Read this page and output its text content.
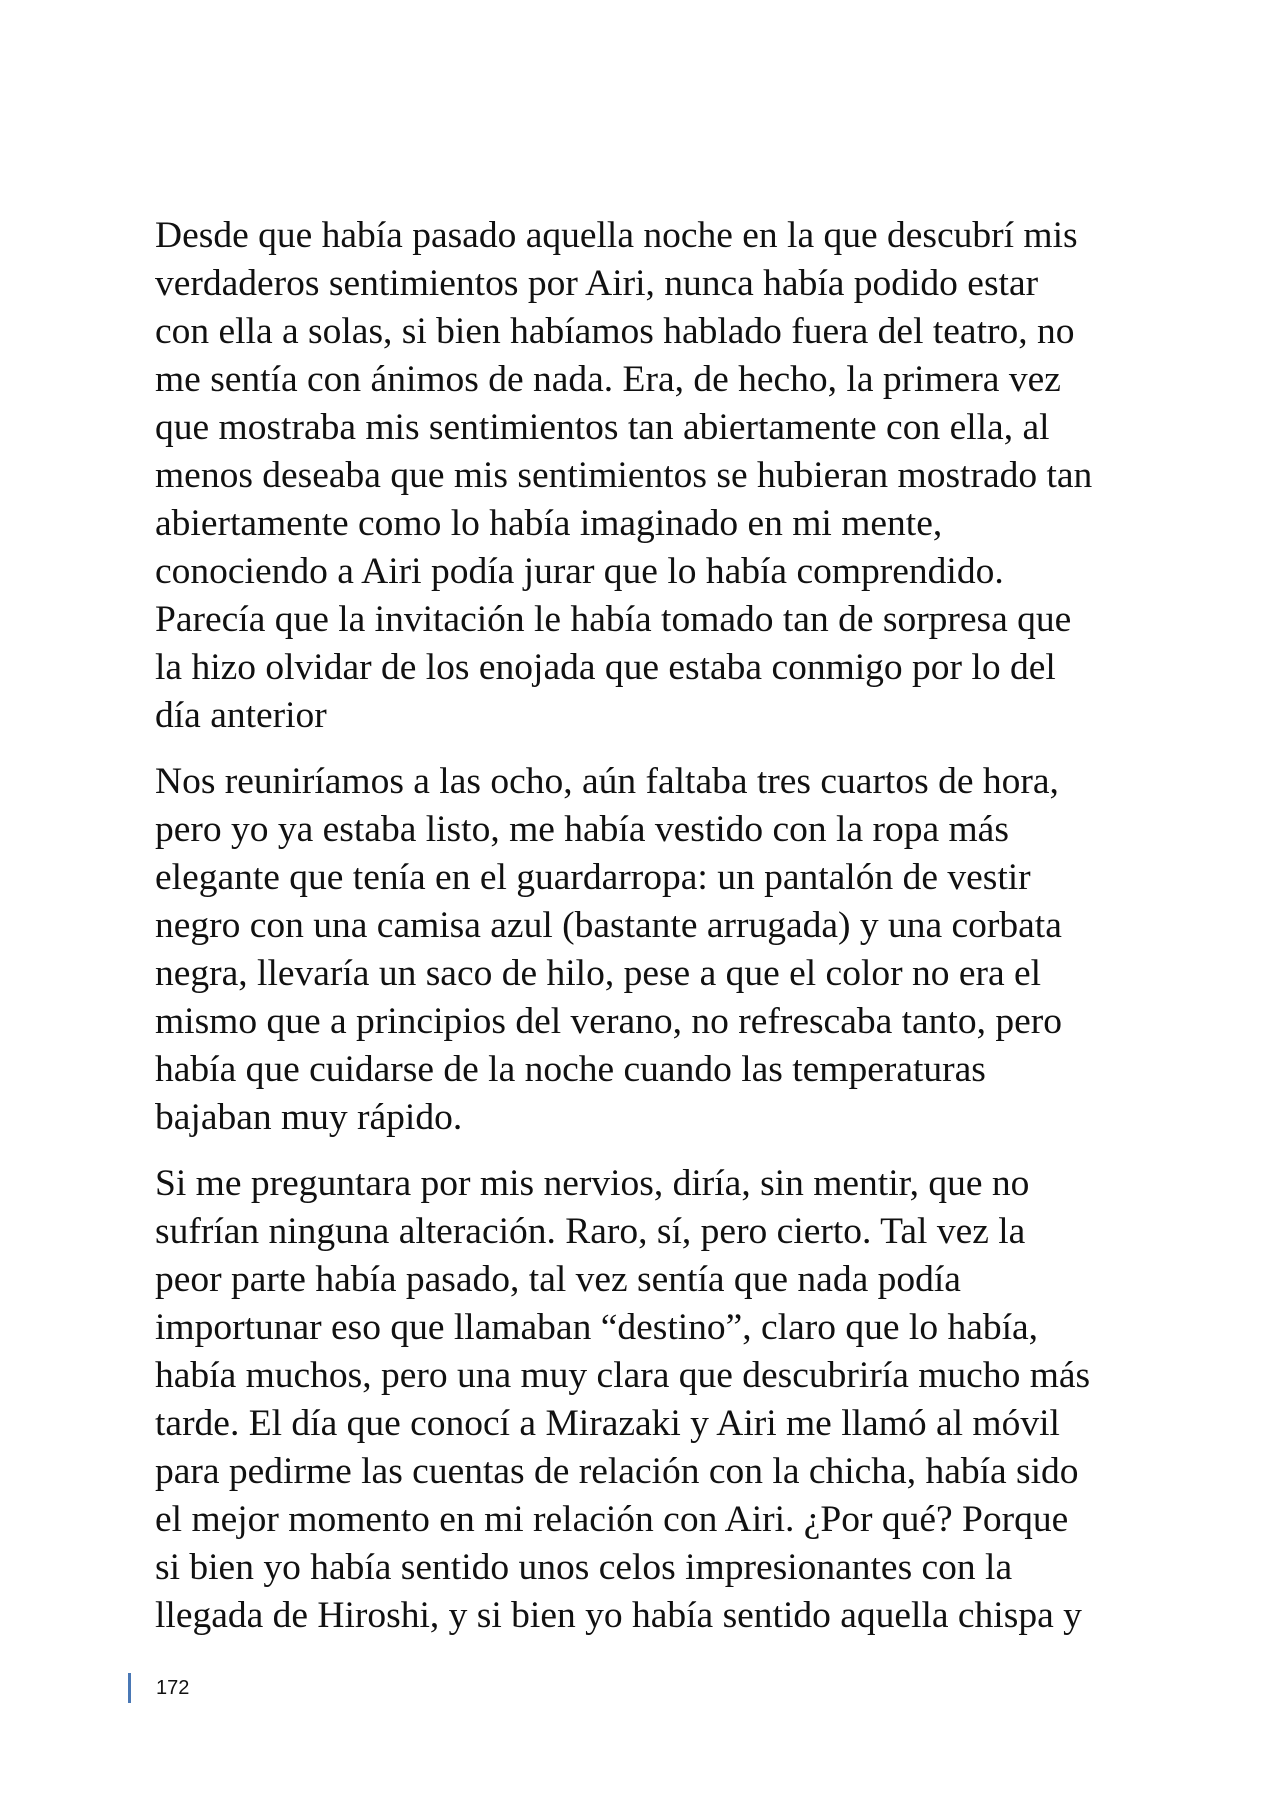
Desde que había pasado aquella noche en la que descubrí mis
verdaderos sentimientos por Airi, nunca había podido estar
con ella a solas, si bien habíamos hablado fuera del teatro, no
me sentía con ánimos de nada. Era, de hecho, la primera vez
que mostraba mis sentimientos tan abiertamente con ella, al
menos deseaba que mis sentimientos se hubieran mostrado tan
abiertamente como lo había imaginado en mi mente,
conociendo a Airi podía jurar que lo había comprendido.
Parecía que la invitación le había tomado tan de sorpresa que
la hizo olvidar de los enojada que estaba conmigo por lo del
día anterior
Nos reuniríamos a las ocho, aún faltaba tres cuartos de hora,
pero yo ya estaba listo, me había vestido con la ropa más
elegante que tenía en el guardarropa: un pantalón de vestir
negro con una camisa azul (bastante arrugada) y una corbata
negra, llevaría un saco de hilo, pese a que el color no era el
mismo que a principios del verano, no refrescaba tanto, pero
había que cuidarse de la noche cuando las temperaturas
bajaban muy rápido.
Si me preguntara por mis nervios, diría, sin mentir, que no
sufrían ninguna alteración. Raro, sí, pero cierto. Tal vez la
peor parte había pasado, tal vez sentía que nada podía
importunar eso que llamaban “destino”, claro que lo había,
había muchos, pero una muy clara que descubriría mucho más
tarde. El día que conocí a Mirazaki y Airi me llamó al móvil
para pedirme las cuentas de relación con la chicha, había sido
el mejor momento en mi relación con Airi. ¿Por qué? Porque
si bien yo había sentido unos celos impresionantes con la
llegada de Hiroshi, y si bien yo había sentido aquella chispa y
172
